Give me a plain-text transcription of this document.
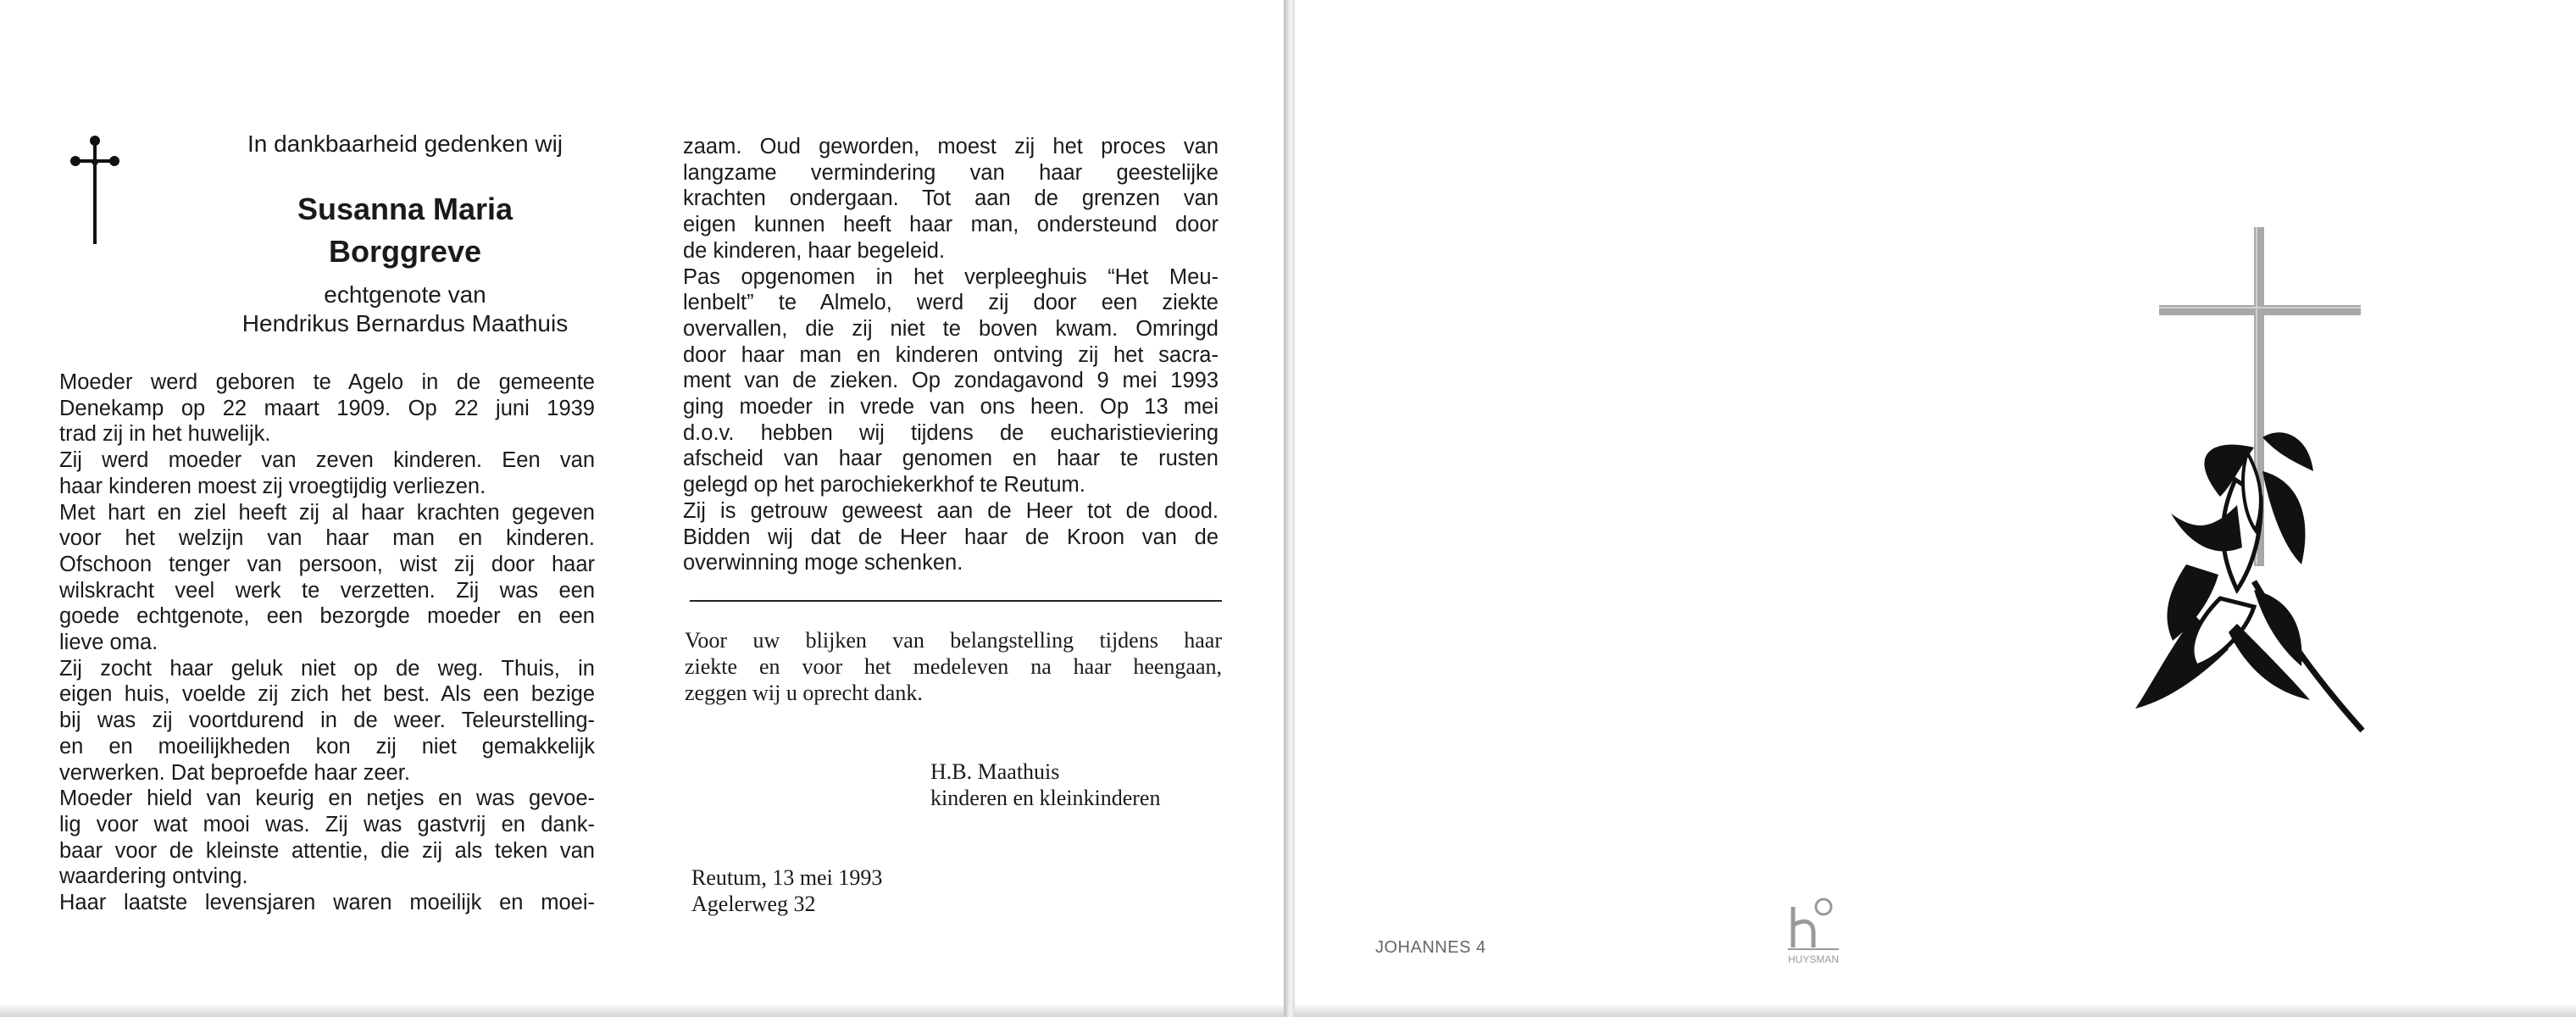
In dankbaarheid gedenken wij
Susanna Maria
Borggreve
echtgenote van
Hendrikus Bernardus Maathuis

Moeder werd geboren te Agelo in de gemeente
Denekamp op 22 maart 1909. Op 22 juni 1939
trad zij in het huwelijk.
Zij werd moeder van zeven kinderen. Een van
haar kinderen moest zij vroegtijdig verliezen.
Met hart en ziel heeft zij al haar krachten gegeven
voor het welzijn van haar man en kinderen.
Ofschoon tenger van persoon, wist zij door haar
wilskracht veel werk te verzetten. Zij was een
goede echtgenote, een bezorgde moeder en een
lieve oma.
Zij zocht haar geluk niet op de weg. Thuis, in
eigen huis, voelde zij zich het best. Als een bezige
bij was zij voortdurend in de weer. Teleurstelling-
en en moeilijkheden kon zij niet gemakkelijk
verwerken. Dat beproefde haar zeer.
Moeder hield van keurig en netjes en was gevoe-
lig voor wat mooi was. Zij was gastvrij en dank-
baar voor de kleinste attentie, die zij als teken van
waardering ontving.
Haar laatste levensjaren waren moeilijk en moei-

zaam. Oud geworden, moest zij het proces van
langzame vermindering van haar geestelijke
krachten ondergaan. Tot aan de grenzen van
eigen kunnen heeft haar man, ondersteund door
de kinderen, haar begeleid.
Pas opgenomen in het verpleeghuis “Het Meu-
lenbelt” te Almelo, werd zij door een ziekte
overvallen, die zij niet te boven kwam. Omringd
door haar man en kinderen ontving zij het sacra-
ment van de zieken. Op zondagavond 9 mei 1993
ging moeder in vrede van ons heen. Op 13 mei
d.o.v. hebben wij tijdens de eucharistieviering
afscheid van haar genomen en haar te rusten
gelegd op het parochiekerkhof te Reutum.
Zij is getrouw geweest aan de Heer tot de dood.
Bidden wij dat de Heer haar de Kroon van de
overwinning moge schenken.

Voor uw blijken van belangstelling tijdens haar
ziekte en voor het medeleven na haar heengaan,
zeggen wij u oprecht dank.
H.B. Maathuis
kinderen en kleinkinderen
Reutum, 13 mei 1993
Agelerweg 32
JOHANNES 4
HUYSMAN
